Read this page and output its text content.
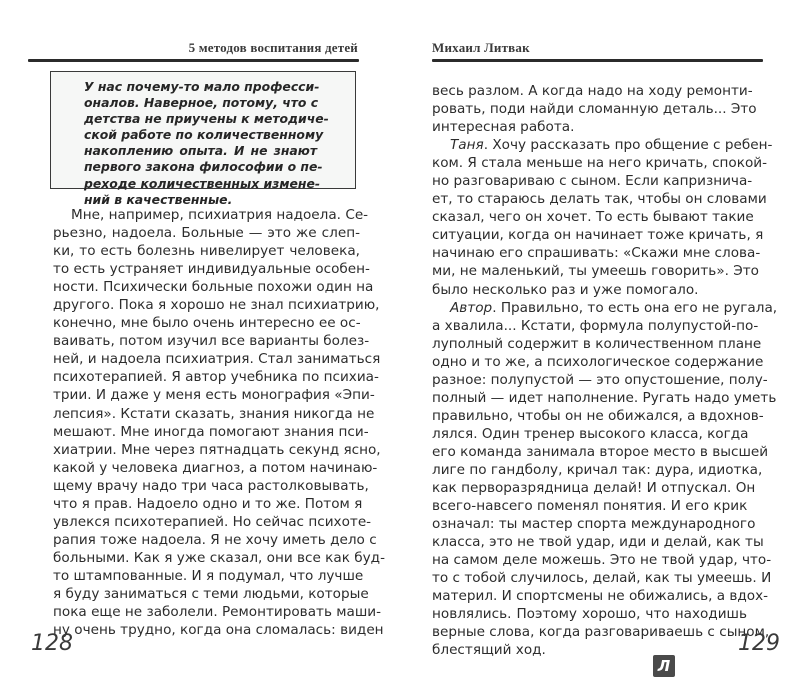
5 методов воспитания детей
У нас почему-то мало професси-
оналов. Наверное, потому, что с
детства не приучены к методиче-
ской работе по количественному
накоплению опыта. И не знают
первого закона философии о пе-
реходе количественных измене-
ний в качественные.
Мне, например, психиатрия надоела. Се-
рьезно, надоела. Больные — это же слеп-
ки, то есть болезнь нивелирует человека,
то есть устраняет индивидуальные особен-
ности. Психически больные похожи один на
другого. Пока я хорошо не знал психиатрию,
конечно, мне было очень интересно ее ос-
ваивать, потом изучил все варианты болез-
ней, и надоела психиатрия. Стал заниматься
психотерапией. Я автор учебника по психиа-
трии. И даже у меня есть монография «Эпи-
лепсия». Кстати сказать, знания никогда не
мешают. Мне иногда помогают знания пси-
хиатрии. Мне через пятнадцать секунд ясно,
какой у человека диагноз, а потом начинаю-
щему врачу надо три часа растолковывать,
что я прав. Надоело одно и то же. Потом я
увлекся психотерапией. Но сейчас психоте-
рапия тоже надоела. Я не хочу иметь дело с
больными. Как я уже сказал, они все как буд-
то штампованные. И я подумал, что лучше
я буду заниматься с теми людьми, которые
пока еще не заболели. Ремонтировать маши-
ну очень трудно, когда она сломалась: виден
128
Михаил Литвак
весь разлом. А когда надо на ходу ремонти-
ровать, поди найди сломанную деталь... Это
интересная работа.
Таня. Хочу рассказать про общение с ребен-
ком. Я стала меньше на него кричать, спокой-
но разговариваю с сыном. Если капризнича-
ет, то стараюсь делать так, чтобы он словами
сказал, чего он хочет. То есть бывают такие
ситуации, когда он начинает тоже кричать, я
начинаю его спрашивать: «Скажи мне слова-
ми, не маленький, ты умеешь говорить». Это
было несколько раз и уже помогало.
Автор. Правильно, то есть она его не ругала,
а хвалила... Кстати, формула полупустой-по-
луполный содержит в количественном плане
одно и то же, а психологическое содержание
разное: полупустой — это опустошение, полу-
полный — идет наполнение. Ругать надо уметь
правильно, чтобы он не обижался, а вдохнов-
лялся. Один тренер высокого класса, когда
его команда занимала второе место в высшей
лиге по гандболу, кричал так: дура, идиотка,
как перворазрядница делай! И отпускал. Он
всего-навсего поменял понятия. И его крик
означал: ты мастер спорта международного
класса, это не твой удар, иди и делай, как ты
на самом деле можешь. Это не твой удар, что-
то с тобой случилось, делай, как ты умеешь. И
материл. И спортсмены не обижались, а вдох-
новлялись. Поэтому хорошо, что находишь
верные слова, когда разговариваешь с сыном,
блестящий ход.
Л
129
